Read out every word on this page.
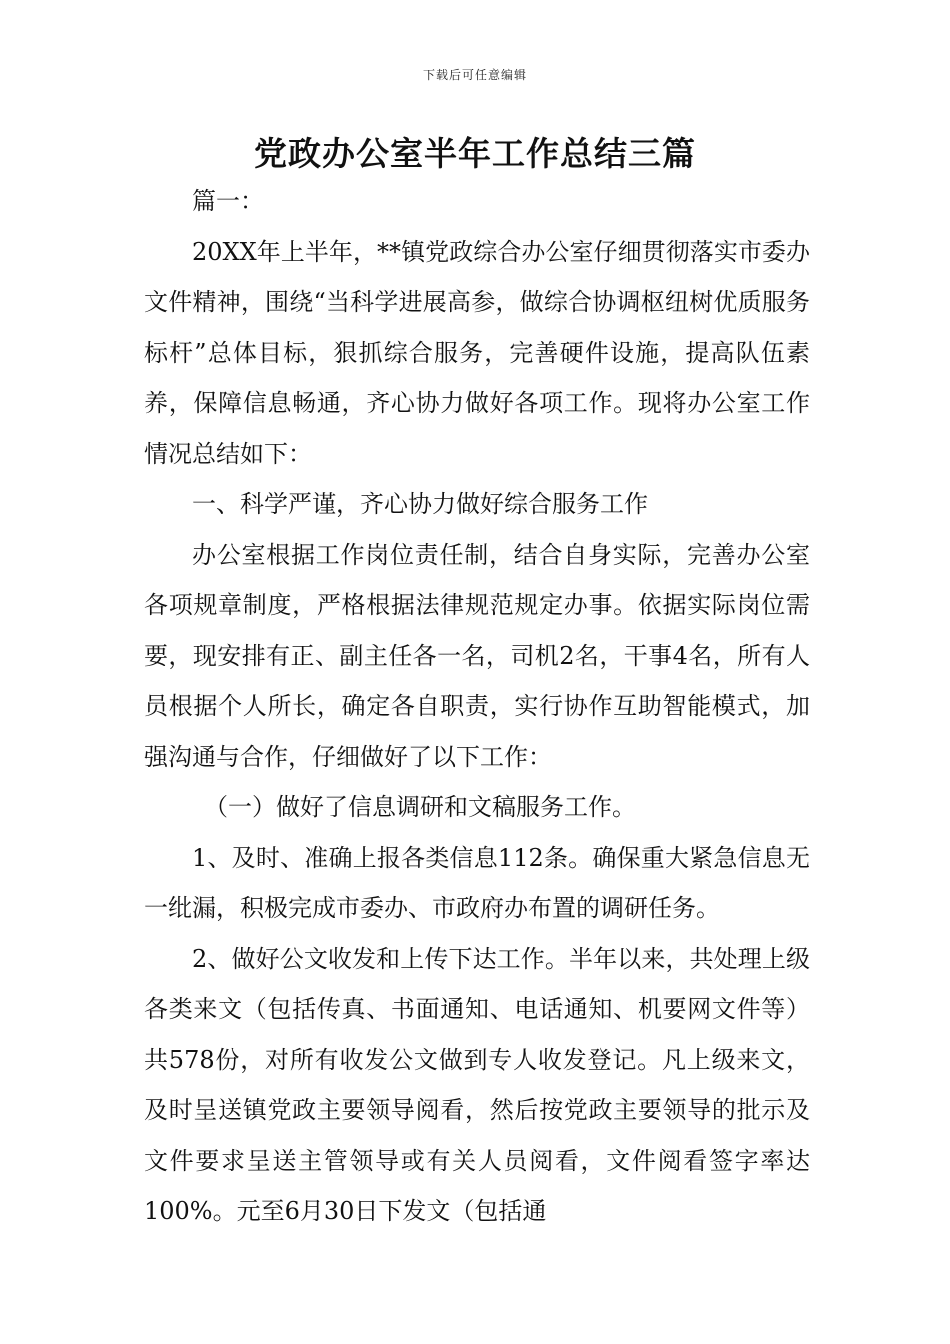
下载后可任意编辑
党政办公室半年工作总结三篇

篇一：

20XX年上半年，**镇党政综合办公室仔细贯彻落实市委办文件精神，围绕“当科学进展高参，做综合协调枢纽树优质服务标杆”总体目标，狠抓综合服务，完善硬件设施，提高队伍素养，保障信息畅通，齐心协力做好各项工作。现将办公室工作情况总结如下：

一、科学严谨，齐心协力做好综合服务工作

办公室根据工作岗位责任制，结合自身实际，完善办公室各项规章制度，严格根据法律规范规定办事。依据实际岗位需要，现安排有正、副主任各一名，司机2名，干事4名，所有人员根据个人所长，确定各自职责，实行协作互助智能模式，加强沟通与合作，仔细做好了以下工作：

（一）做好了信息调研和文稿服务工作。

1、及时、准确上报各类信息112条。确保重大紧急信息无一纰漏，积极完成市委办、市政府办布置的调研任务。

2、做好公文收发和上传下达工作。半年以来，共处理上级各类来文（包括传真、书面通知、电话通知、机要网文件等）共578份，对所有收发公文做到专人收发登记。凡上级来文，及时呈送镇党政主要领导阅看，然后按党政主要领导的批示及文件要求呈送主管领导或有关人员阅看，文件阅看签字率达100%。元至6月30日下发文（包括通
